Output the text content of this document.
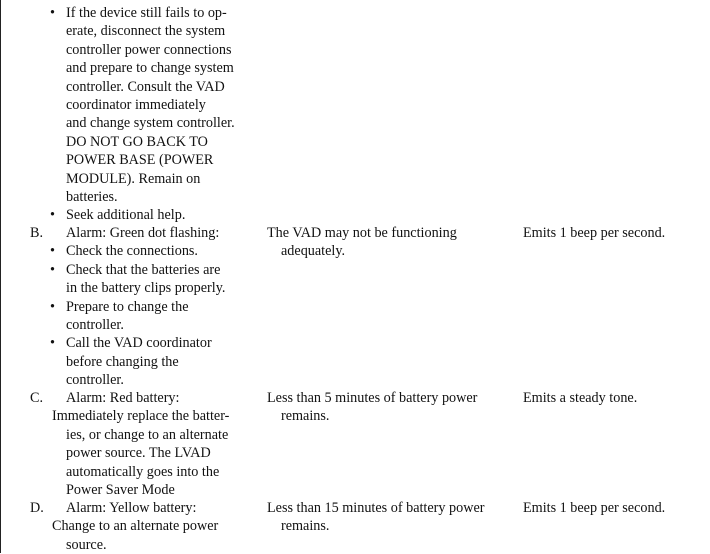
• If the device still fails to op-
erate, disconnect the system
controller power connections
and prepare to change system
controller. Consult the VAD
coordinator immediately
and change system controller.
DO NOT GO BACK TO
POWER BASE (POWER
MODULE). Remain on
batteries.
• Seek additional help.
B. Alarm: Green dot flashing:
• Check the connections.
• Check that the batteries are
in the battery clips properly.
• Prepare to change the
controller.
• Call the VAD coordinator
before changing the
controller.
The VAD may not be functioning
adequately.
Emits 1 beep per second.
C. Alarm: Red battery:
Immediately replace the batter-
ies, or change to an alternate
power source. The LVAD
automatically goes into the
Power Saver Mode
Less than 5 minutes of battery power
remains.
Emits a steady tone.
D. Alarm: Yellow battery:
Change to an alternate power
source.
Less than 15 minutes of battery power
remains.
Emits 1 beep per second.
